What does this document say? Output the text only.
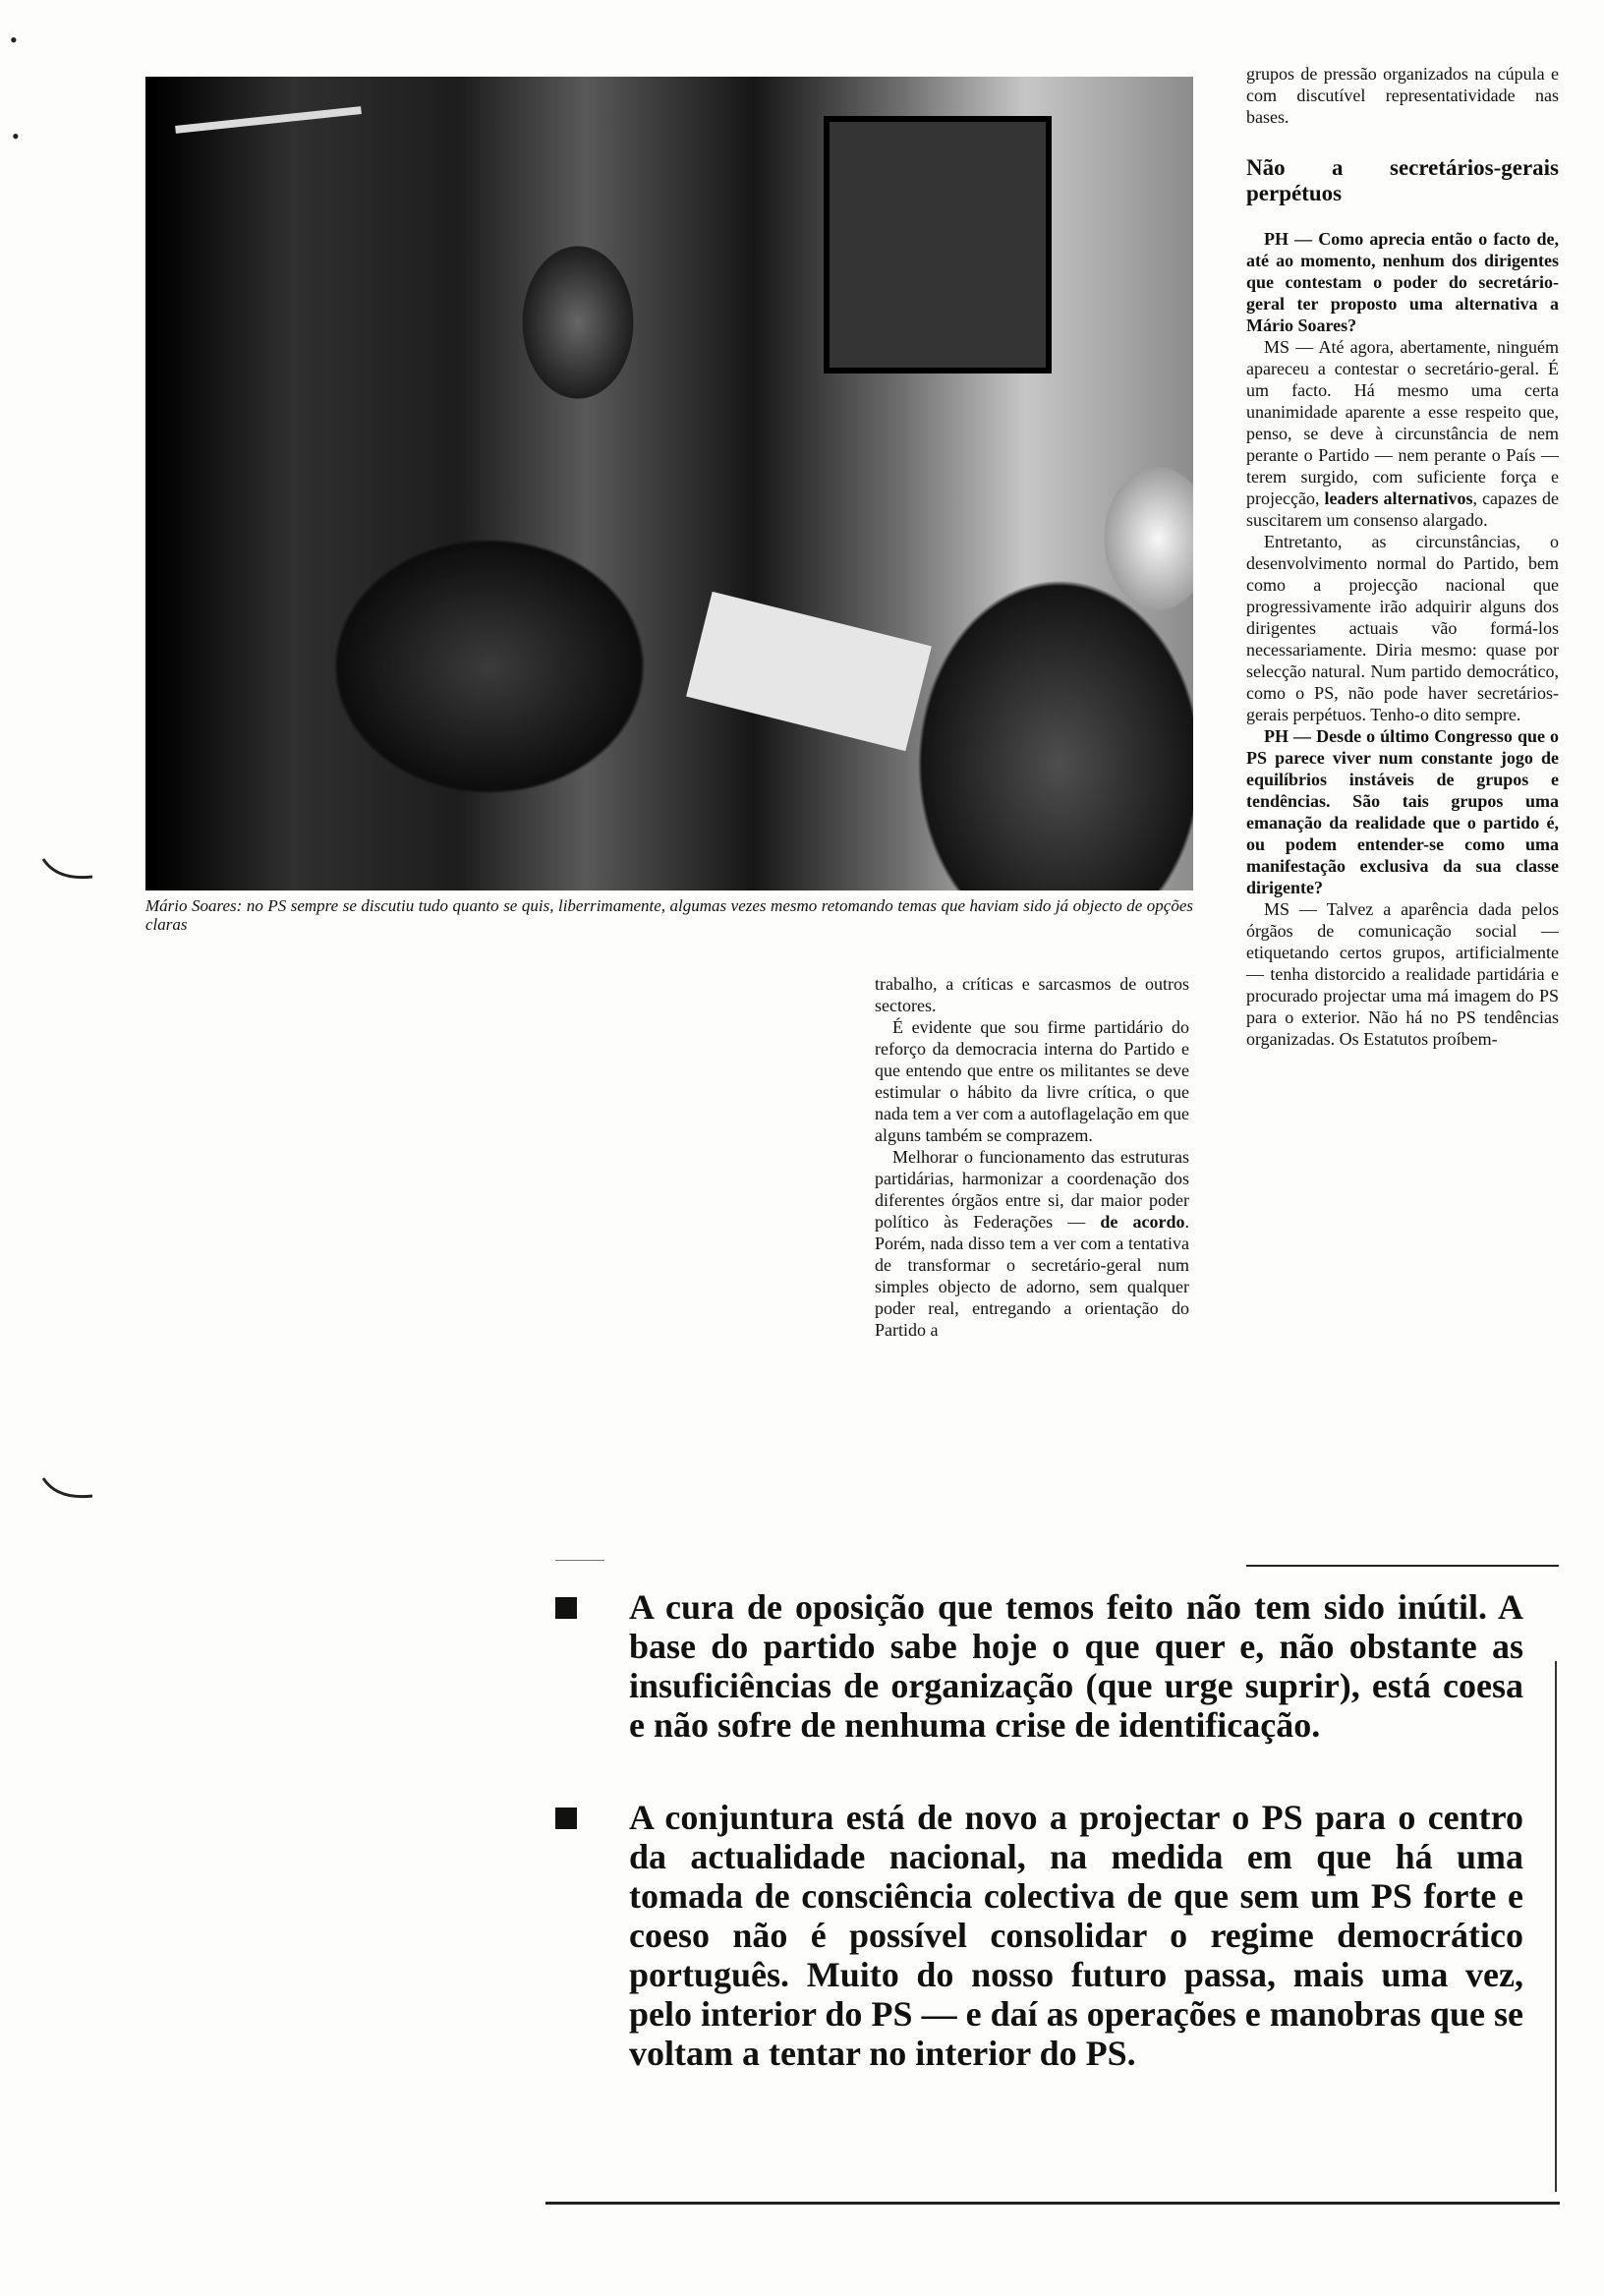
•
•
Mário Soares: no PS sempre se discutiu tudo quanto se quis, liberrimamente, algumas vezes mesmo retomando temas que haviam sido já objecto de opções claras

grupos de pressão organizados na cúpula e com discutível representatividade nas bases.

Não a secretários-gerais perpétuos

PH — Como aprecia então o facto de, até ao momento, nenhum dos dirigentes que contestam o poder do secretário-geral ter proposto uma alternativa a Mário Soares?

MS — Até agora, abertamente, ninguém apareceu a contestar o secretário-geral. É um facto. Há mesmo uma certa unanimidade aparente a esse respeito que, penso, se deve à circunstância de nem perante o Partido — nem perante o País — terem surgido, com suficiente força e projecção, leaders alternativos, capazes de suscitarem um consenso alargado.

Entretanto, as circunstâncias, o desenvolvimento normal do Partido, bem como a projecção nacional que progressivamente irão adquirir alguns dos dirigentes actuais vão formá-los necessariamente. Diria mesmo: quase por selecção natural. Num partido democrático, como o PS, não pode haver secretários-gerais perpétuos. Tenho-o dito sempre.

PH — Desde o último Congresso que o PS parece viver num constante jogo de equilíbrios instáveis de grupos e tendências. São tais grupos uma emanação da realidade que o partido é, ou podem entender-se como uma manifestação exclusiva da sua classe dirigente?

MS — Talvez a aparência dada pelos órgãos de comunicação social — etiquetando certos grupos, artificialmente — tenha distorcido a realidade partidária e procurado projectar uma má imagem do PS para o exterior. Não há no PS tendências organizadas. Os Estatutos proíbem-

trabalho, a críticas e sarcasmos de outros sectores.

É evidente que sou firme partidário do reforço da democracia interna do Partido e que entendo que entre os militantes se deve estimular o hábito da livre crítica, o que nada tem a ver com a autoflagelação em que alguns também se comprazem.

Melhorar o funcionamento das estruturas partidárias, harmonizar a coordenação dos diferentes órgãos entre si, dar maior poder político às Federações — de acordo. Porém, nada disso tem a ver com a tentativa de transformar o secretário-geral num simples objecto de adorno, sem qualquer poder real, entregando a orientação do Partido a

A cura de oposição que temos feito não tem sido inútil. A base do partido sabe hoje o que quer e, não obstante as insuficiências de organização (que urge suprir), está coesa e não sofre de nenhuma crise de identificação.
A conjuntura está de novo a projectar o PS para o centro da actualidade nacional, na medida em que há uma tomada de consciência colectiva de que sem um PS forte e coeso não é possível consolidar o regime democrático português. Muito do nosso futuro passa, mais uma vez, pelo interior do PS — e daí as operações e manobras que se voltam a tentar no interior do PS.
